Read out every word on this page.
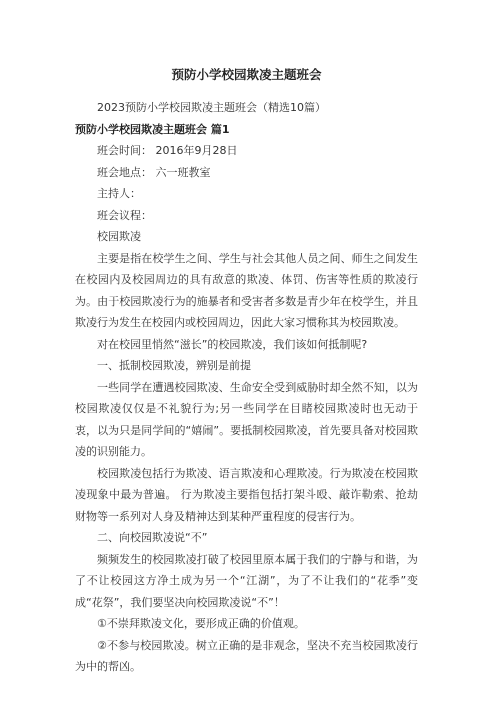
预防小学校园欺凌主题班会
2023预防小学校园欺凌主题班会（精选10篇）
预防小学校园欺凌主题班会 篇1
班会时间： 2016年9月28日
班会地点： 六一班教室
主持人：
班会议程：
校园欺凌

主要是指在校学生之间、学生与社会其他人员之间、师生之间发生在校园内及校园周边的具有敌意的欺凌、体罚、伤害等性质的欺凌行为。由于校园欺凌行为的施暴者和受害者多数是青少年在校学生，并且欺凌行为发生在校园内或校园周边，因此大家习惯称其为校园欺凌。

对在校园里悄然“滋长”的校园欺凌，我们该如何抵制呢?

一、抵制校园欺凌，辨别是前提

一些同学在遭遇校园欺凌、生命安全受到威胁时却全然不知，以为校园欺凌仅仅是不礼貌行为;另一些同学在目睹校园欺凌时也无动于衷，以为只是同学间的“嬉闹”。要抵制校园欺凌，首先要具备对校园欺凌的识别能力。

校园欺凌包括行为欺凌、语言欺凌和心理欺凌。行为欺凌在校园欺凌现象中最为普遍。 行为欺凌主要指包括打架斗殴、敲诈勒索、抢劫财物等一系列对人身及精神达到某种严重程度的侵害行为。

二、向校园欺凌说“不”

频频发生的校园欺凌打破了校园里原本属于我们的宁静与和谐，为了不让校园这方净土成为另一个“江湖”，为了不让我们的“花季”变成“花祭”，我们要坚决向校园欺凌说“不”！

①不崇拜欺凌文化，要形成正确的价值观。

②不参与校园欺凌。树立正确的是非观念，坚决不充当校园欺凌行为中的帮凶。
